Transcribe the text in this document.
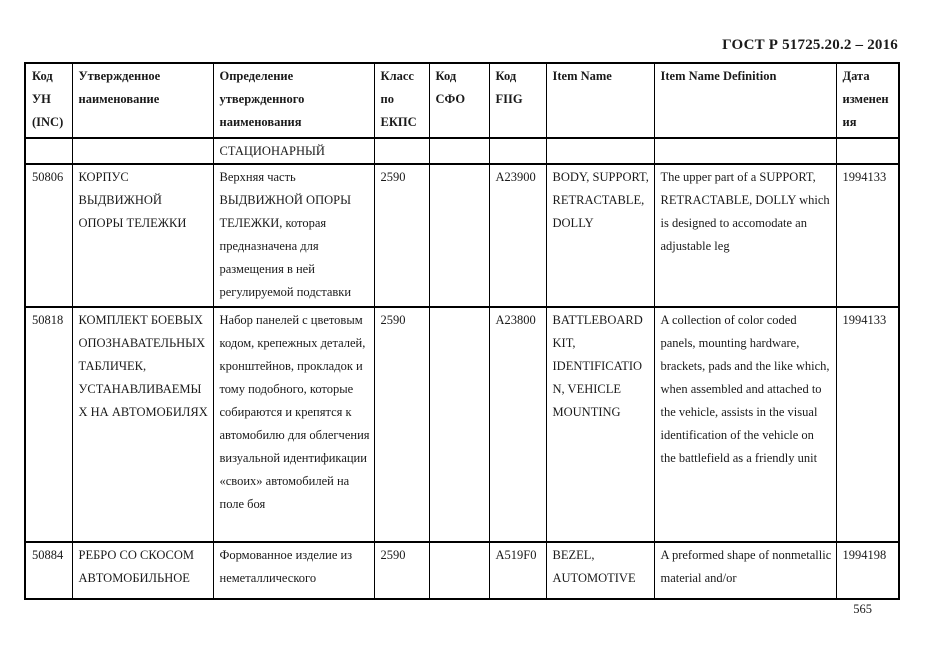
ГОСТ Р 51725.20.2 – 2016
Код УН (INC)	Утвержденное наименование	Определение утвержденного наименования	Класс по ЕКПС	Код СФО	Код FIIG	Item Name	Item Name Definition	Дата изменения
		СТАЦИОНАРНЫЙ						
50806	КОРПУС ВЫДВИЖНОЙ ОПОРЫ ТЕЛЕЖКИ	Верхняя часть ВЫДВИЖНОЙ ОПОРЫ ТЕЛЕЖКИ, которая предназначена для размещения в ней регулируемой подставки	2590		A23900	BODY, SUPPORT, RETRACTABLE, DOLLY	The upper part of a SUPPORT, RETRACTABLE, DOLLY which is designed to accomodate an adjustable leg	1994133
50818	КОМПЛЕКТ БОЕВЫХ ОПОЗНАВАТЕЛЬНЫХ ТАБЛИЧЕК, УСТАНАВЛИВАЕМЫХ НА АВТОМОБИЛЯХ	Набор панелей с цветовым кодом, крепежных деталей, кронштейнов, прокладок и тому подобного, которые собираются и крепятся к автомобилю для облегчения визуальной идентификации «своих» автомобилей на поле боя	2590		A23800	BATTLEBOARD KIT, IDENTIFICATION, VEHICLE MOUNTING	A collection of color coded panels, mounting hardware, brackets, pads and the like which, when assembled and attached to the vehicle, assists in the visual identification of the vehicle on the battlefield as a friendly unit	1994133
50884	РЕБРО СО СКОСОМ АВТОМОБИЛЬНОЕ	Формованное изделие из неметаллического	2590		A519F0	BEZEL, AUTOMOTIVE	A preformed shape of nonmetallic material and/or	1994198
565
